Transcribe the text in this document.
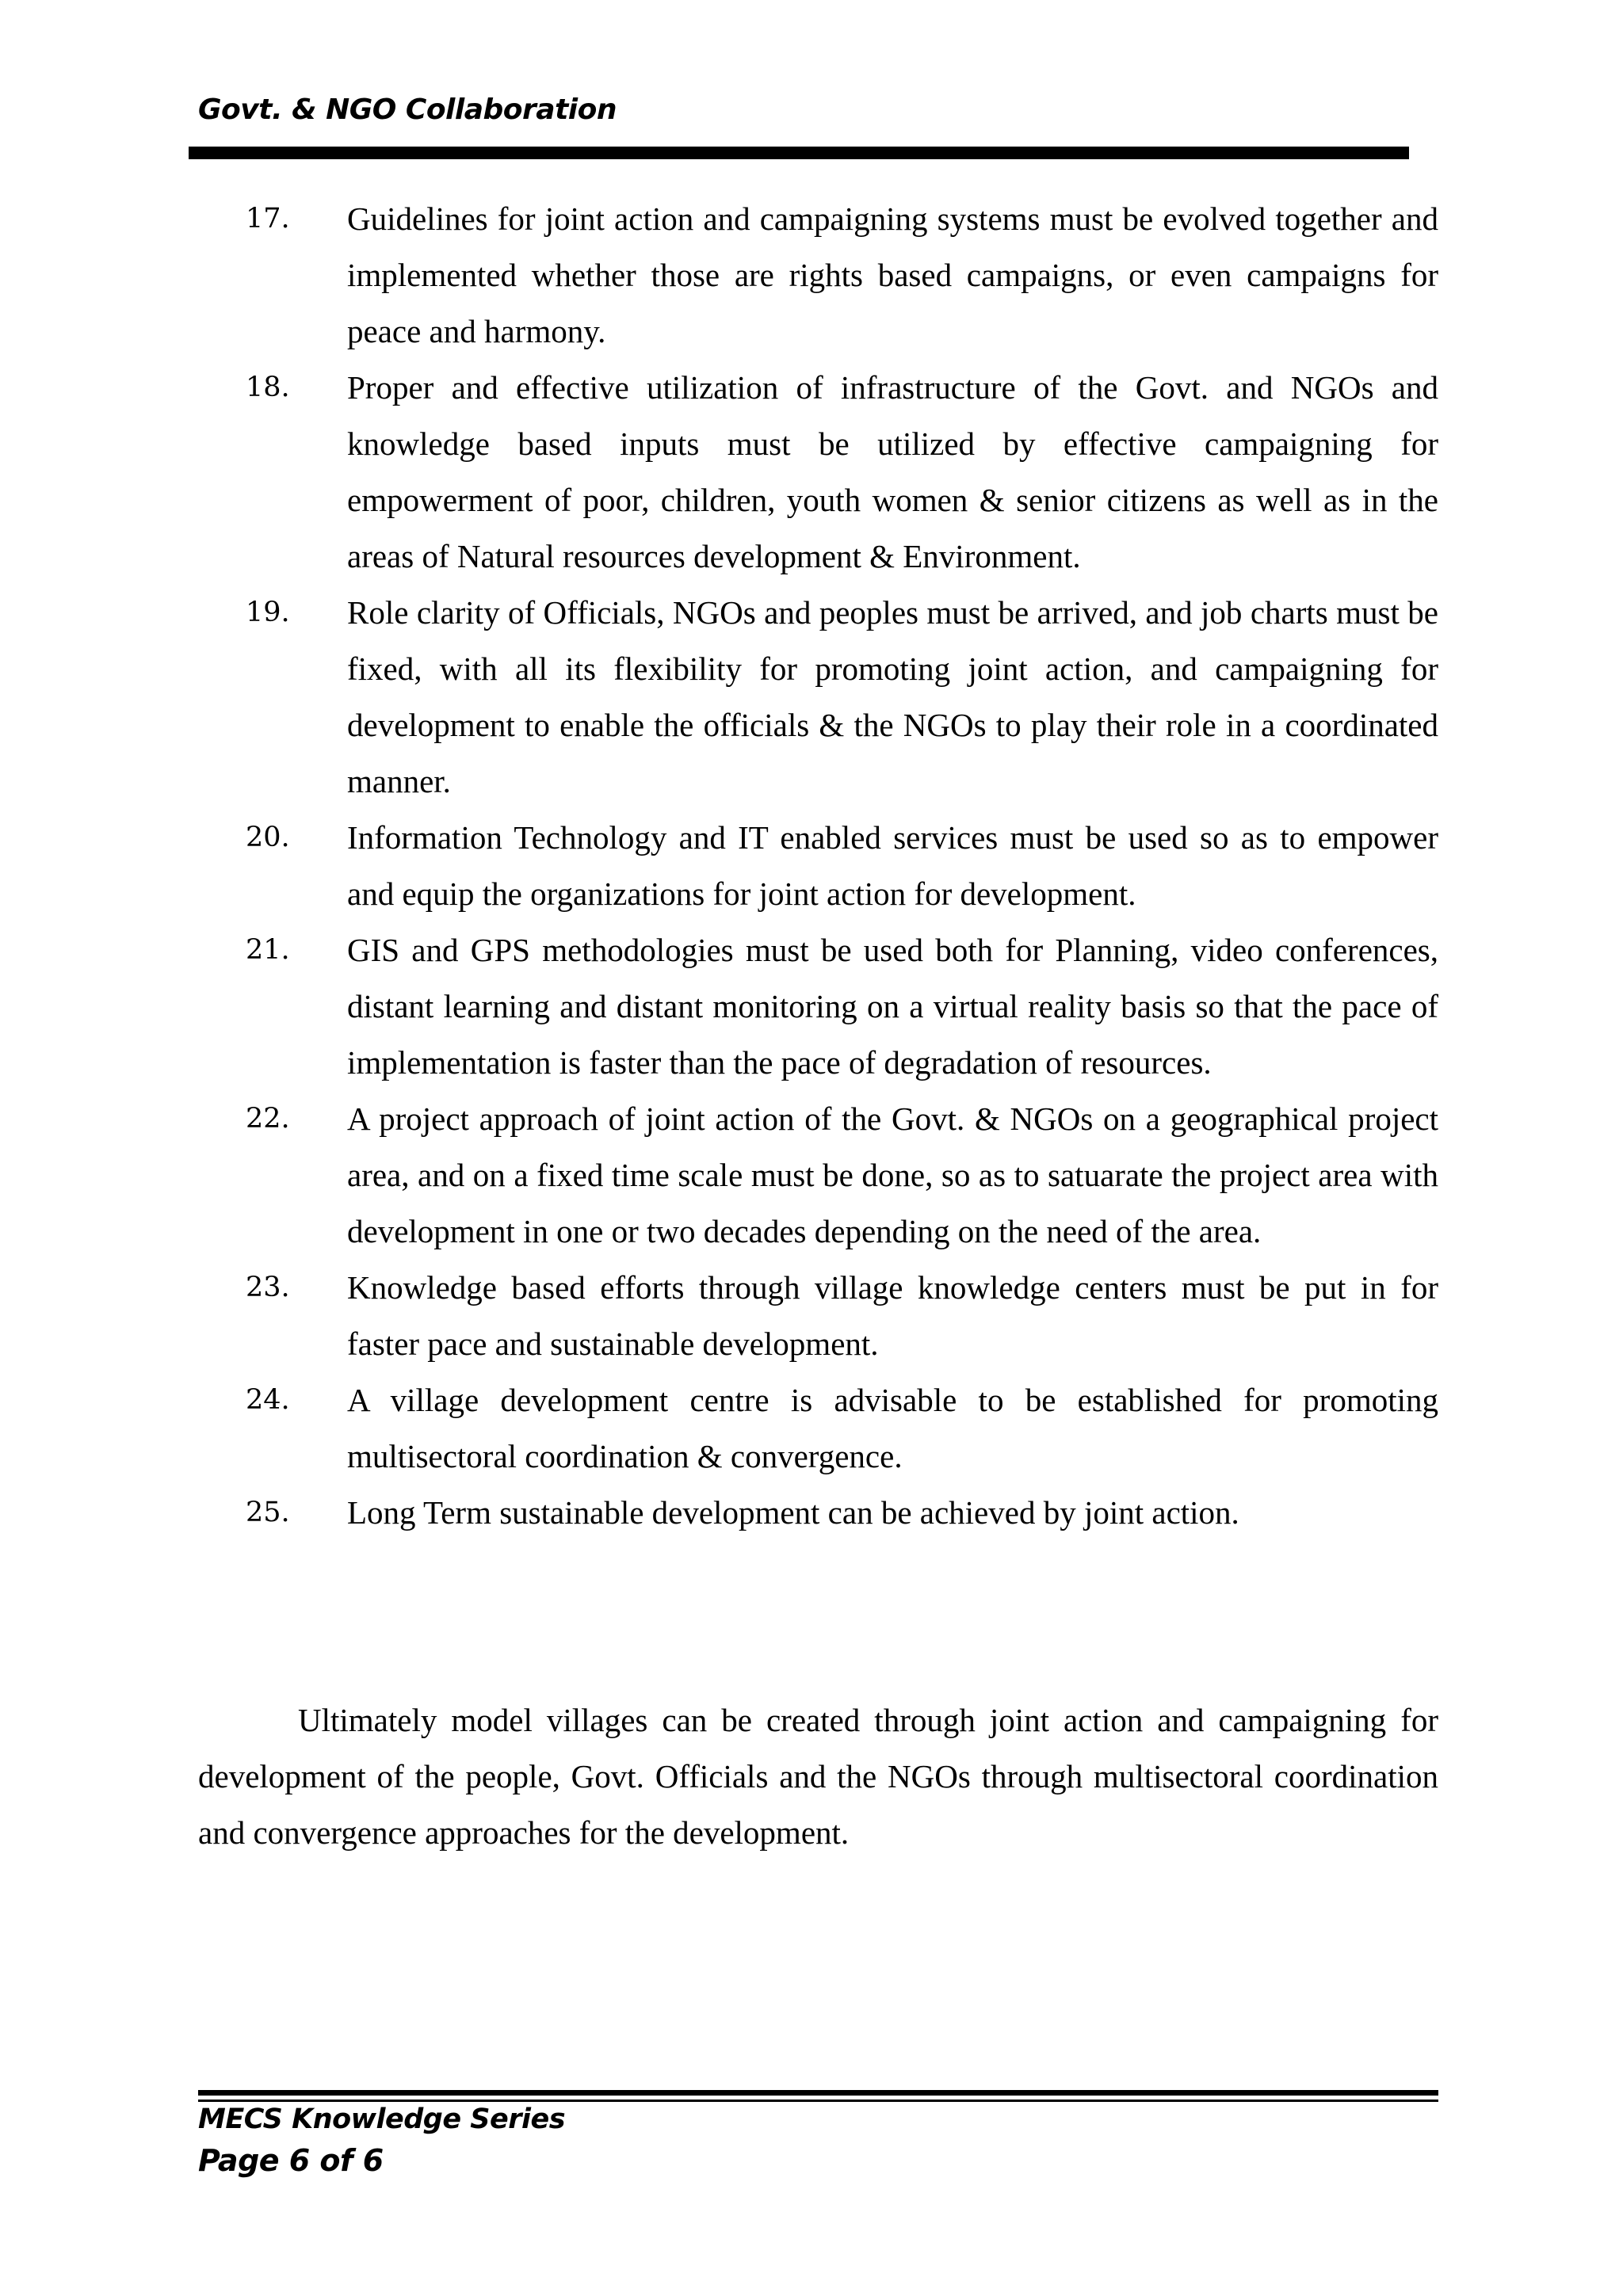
Govt. & NGO Collaboration
17.	Guidelines for joint action and campaigning systems must be evolved together and implemented whether those are rights based campaigns, or even campaigns for peace and harmony.

18.	Proper and effective utilization of infrastructure of the Govt. and NGOs and knowledge based inputs must be utilized by effective campaigning for empowerment of poor, children, youth women & senior citizens as well as in the areas of Natural resources development & Environment.

19.	Role clarity of Officials, NGOs and peoples must be arrived, and job charts must be fixed, with all its flexibility for promoting joint action, and campaigning for development to enable the officials & the NGOs to play their role in a coordinated manner.

20.	Information Technology and IT enabled services must be used so as to empower and equip the organizations for joint action for development.

21.	GIS and GPS methodologies must be used both for Planning, video conferences, distant learning and distant monitoring on a virtual reality basis so that the pace of implementation is faster than the pace of degradation of resources.

22.	A project approach of joint action of the Govt. & NGOs on a geographical project area, and on a fixed time scale must be done, so as to satuarate the project area with development in one or two decades depending on the need of the area.

23.	Knowledge based efforts through village knowledge centers must be put in for faster pace and sustainable development.

24.	A village development centre is advisable to be established for promoting multisectoral coordination & convergence.

25.	Long Term sustainable development can be achieved by joint action.

Ultimately model villages can be created through joint action and campaigning for development of the people, Govt. Officials and the NGOs through multisectoral coordination and convergence approaches for the development.

MECS Knowledge Series
Page 6 of 6
